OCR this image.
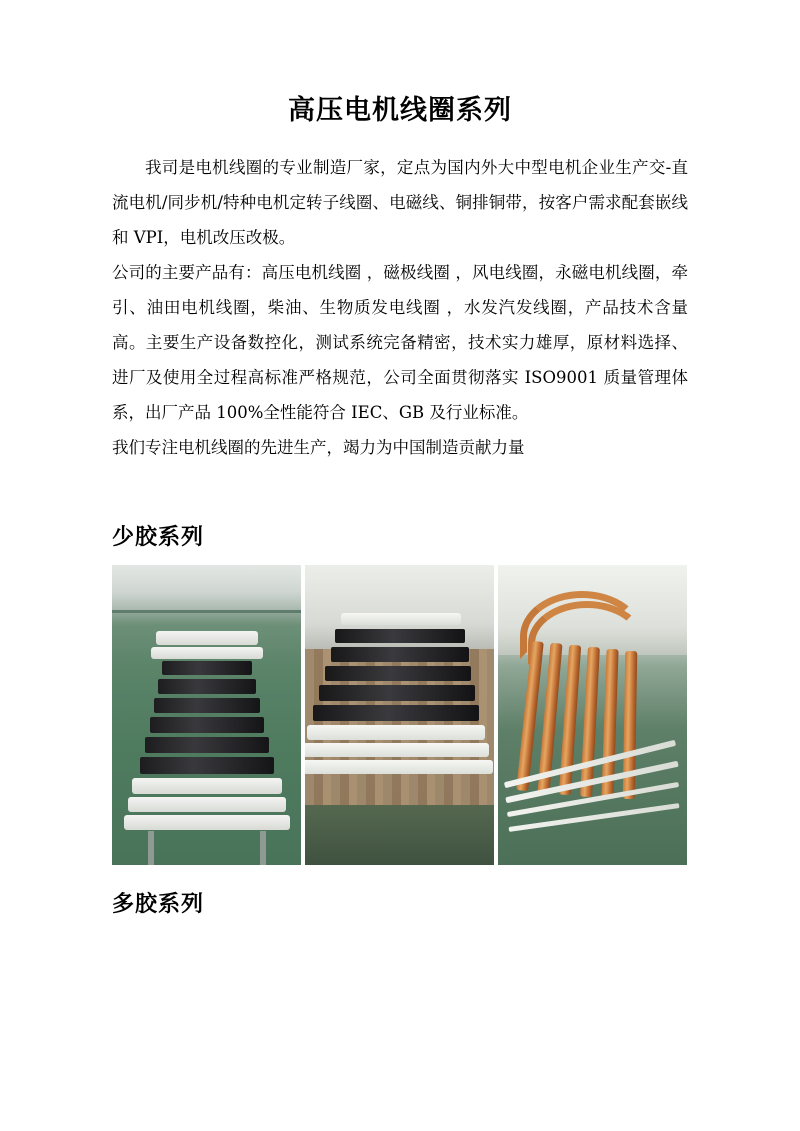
高压电机线圈系列

我司是电机线圈的专业制造厂家，定点为国内外大中型电机企业生产交-直流电机/同步机/特种电机定转子线圈、电磁线、铜排铜带，按客户需求配套嵌线和 VPI，电机改压改极。

公司的主要产品有：高压电机线圈 ，磁极线圈 ，风电线圈，永磁电机线圈，牵引、油田电机线圈，柴油、生物质发电线圈 ，水发汽发线圈，产品技术含量高。主要生产设备数控化，测试系统完备精密，技术实力雄厚，原材料选择、进厂及使用全过程高标准严格规范，公司全面贯彻落实 ISO9001 质量管理体系，出厂产品 100%全性能符合 IEC、GB 及行业标准。

我们专注电机线圈的先进生产，竭力为中国制造贡献力量

少胶系列
多胶系列
